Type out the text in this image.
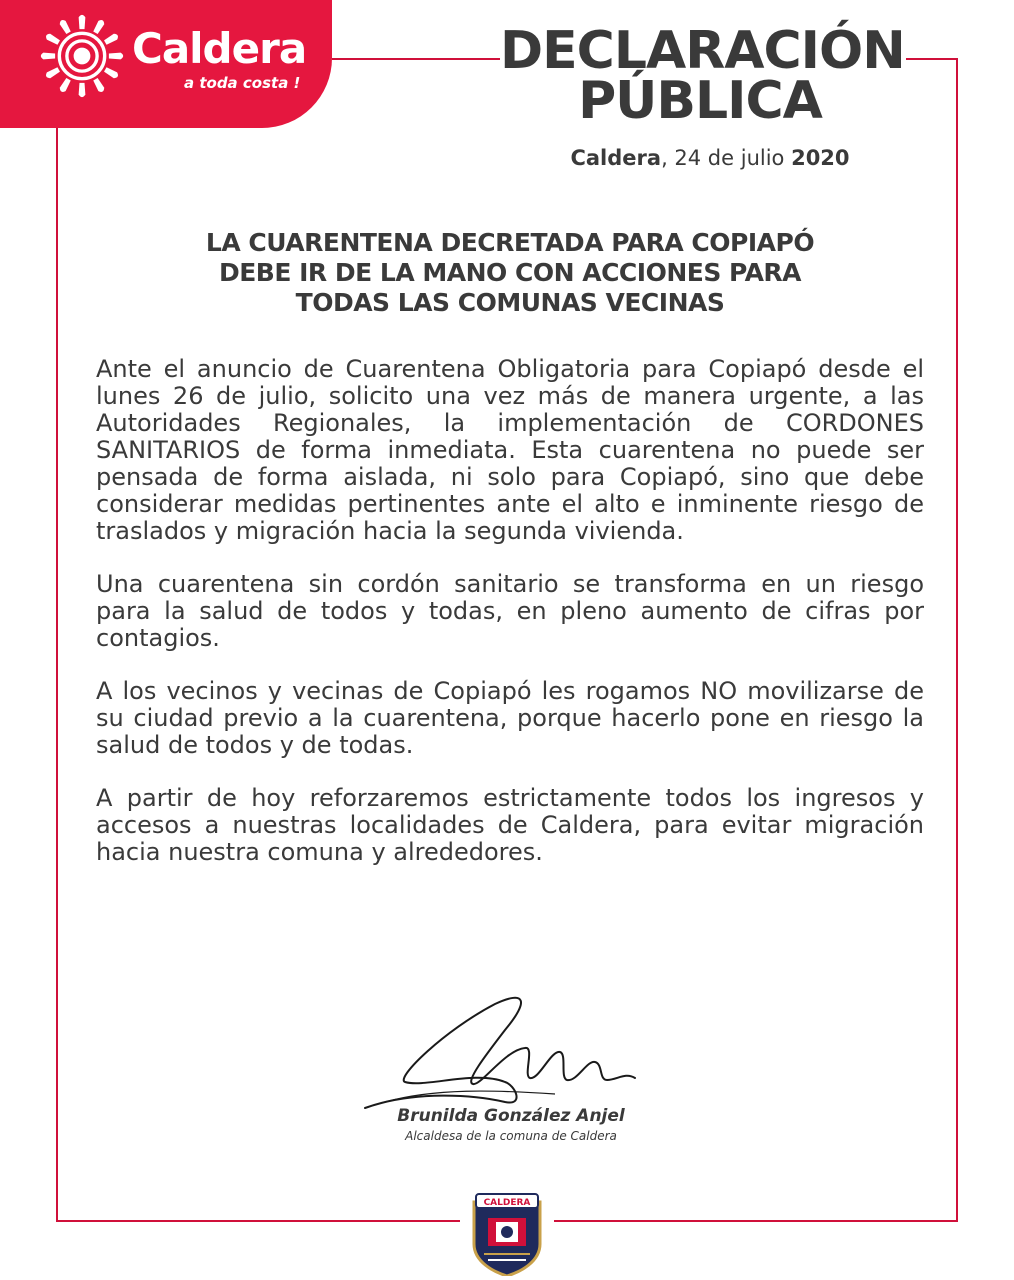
Caldera
a toda costa !
DECLARACIÓN
PÚBLICA
Caldera, 24 de julio 2020
LA CUARENTENA DECRETADA PARA COPIAPÓ
DEBE IR DE LA MANO CON ACCIONES PARA
TODAS LAS COMUNAS VECINAS

Ante el anuncio de Cuarentena Obligatoria para Copiapó desde el lunes 26 de julio, solicito una vez más de manera urgente, a las Autoridades Regionales, la implementación de CORDONES SANITARIOS de forma inmediata. Esta cuarentena no puede ser pensada de forma aislada, ni solo para Copiapó, sino que debe considerar medidas pertinentes ante el alto e inminente riesgo de traslados y migración hacia la segunda vivienda.

Una cuarentena sin cordón sanitario se transforma en un riesgo para la salud de todos y todas, en pleno aumento de cifras por contagios.

A los vecinos y vecinas de Copiapó les rogamos NO movilizarse de su ciudad previo a la cuarentena, porque hacerlo pone en riesgo la salud de todos y de todas.

A partir de hoy reforzaremos estrictamente todos los ingresos y accesos a nuestras localidades de Caldera, para evitar migración hacia nuestra comuna y alrededores.

Brunilda González Anjel
Alcaldesa de la comuna de Caldera
CALDERA
